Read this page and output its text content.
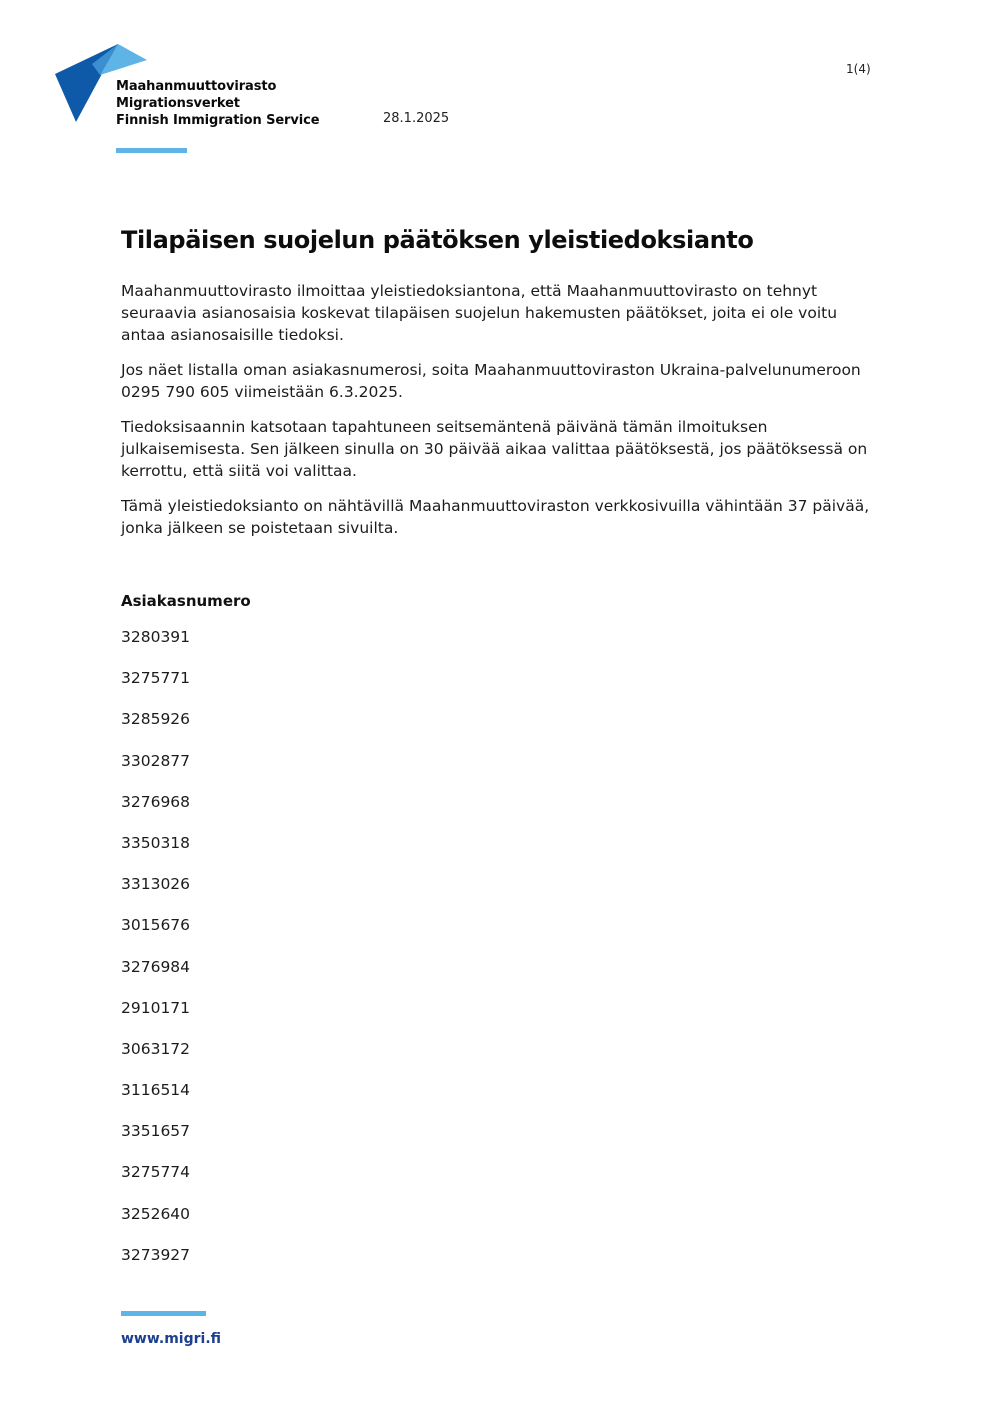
Maahanmuuttovirasto
Migrationsverket
Finnish Immigration Service	28.1.2025
1(4)
Tilapäisen suojelun päätöksen yleistiedoksianto

Maahanmuuttovirasto ilmoittaa yleistiedoksiantona, että Maahanmuuttovirasto on tehnyt seuraavia asianosaisia koskevat tilapäisen suojelun hakemusten päätökset, joita ei ole voitu antaa asianosaisille tiedoksi.

Jos näet listalla oman asiakasnumerosi, soita Maahanmuuttoviraston Ukraina-palvelunumeroon 0295 790 605 viimeistään 6.3.2025.

Tiedoksisaannin katsotaan tapahtuneen seitsemäntenä päivänä tämän ilmoituksen julkaisemisesta. Sen jälkeen sinulla on 30 päivää aikaa valittaa päätöksestä, jos päätöksessä on kerrottu, että siitä voi valittaa.

Tämä yleistiedoksianto on nähtävillä Maahanmuuttoviraston verkkosivuilla vähintään 37 päivää, jonka jälkeen se poistetaan sivuilta.

Asiakasnumero
3280391
3275771
3285926
3302877
3276968
3350318
3313026
3015676
3276984
2910171
3063172
3116514
3351657
3275774
3252640
3273927
www.migri.fi
